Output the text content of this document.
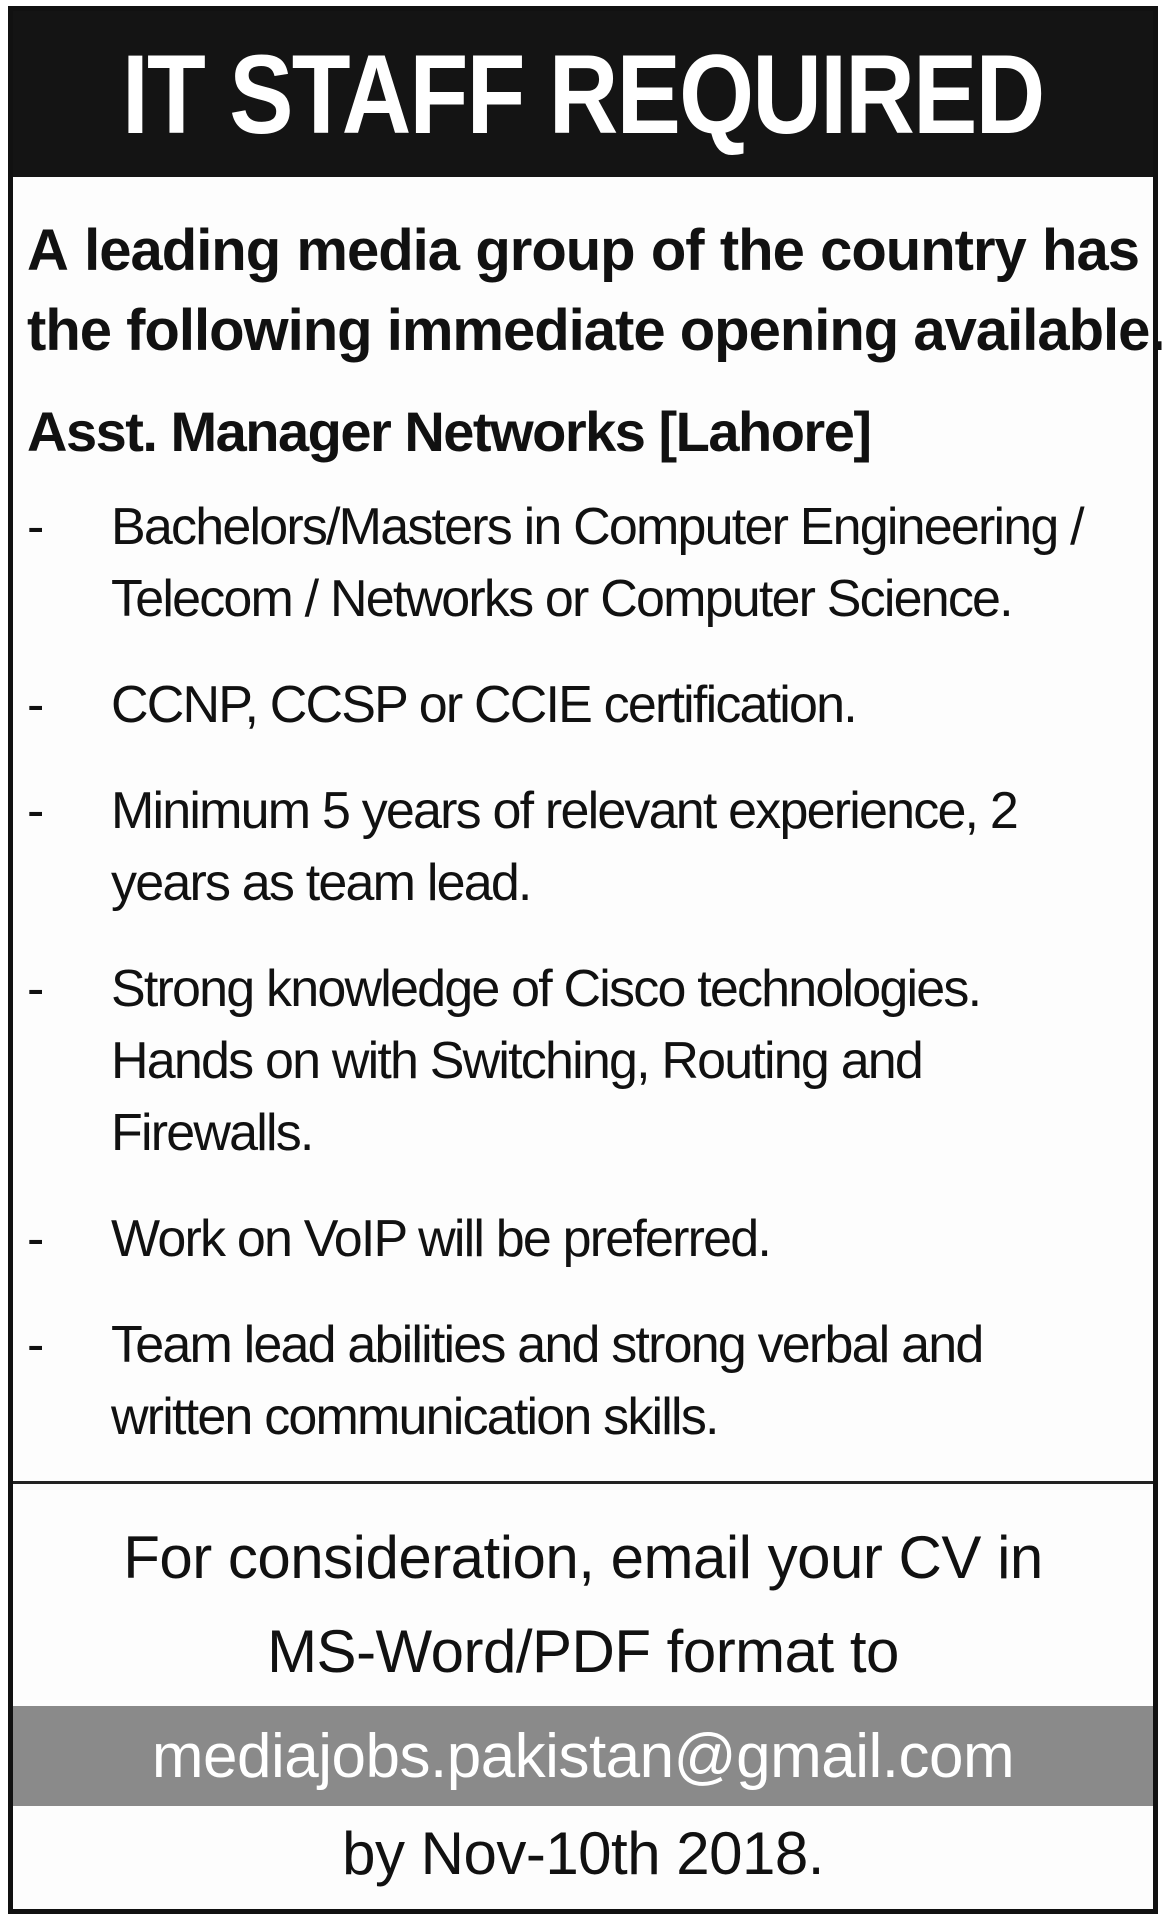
IT STAFF REQUIRED
A leading media group of the country has
the following immediate opening available.
Asst. Manager Networks [Lahore]
-	Bachelors/Masters in Computer Engineering /
Telecom / Networks or Computer Science.
-	CCNP, CCSP or CCIE certification.
-	Minimum 5 years of relevant experience, 2
years as team lead.
-	Strong knowledge of Cisco technologies.
Hands on with Switching, Routing and
Firewalls.
-	Work on VoIP will be preferred.
-	Team lead abilities and strong verbal and
written communication skills.
For consideration, email your CV in
MS-Word/PDF format to
mediajobs.pakistan@gmail.com
by Nov-10th 2018.
